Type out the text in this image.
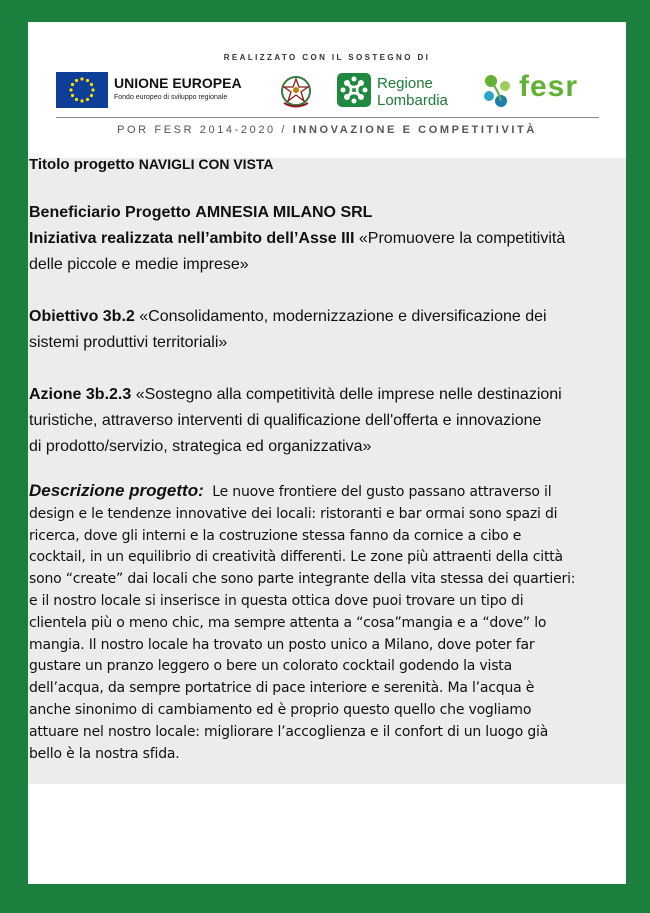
REALIZZATO CON IL SOSTEGNO DI
UNIONE EUROPEA
Fondo europeo di sviluppo regionale
Regione
Lombardia fesr
POR FESR 2014-2020 / INNOVAZIONE E COMPETITIVITÀ

Titolo progetto NAVIGLI CON VISTA

Beneficiario Progetto AMNESIA MILANO SRL

Iniziativa realizzata nell’ambito dell’Asse III «Promuovere la competitività delle piccole e medie imprese»

Obiettivo 3b.2 «Consolidamento, modernizzazione e diversificazione dei sistemi produttivi territoriali»

Azione 3b.2.3 «Sostegno alla competitività delle imprese nelle destinazioni turistiche, attraverso interventi di qualificazione dell'offerta e innovazione
di prodotto/servizio, strategica ed organizzativa»

Descrizione progetto: Le nuove frontiere del gusto passano attraverso il design e le tendenze innovative dei locali: ristoranti e bar ormai sono spazi di ricerca, dove gli interni e la costruzione stessa fanno da cornice a cibo e cocktail, in un equilibrio di creatività differenti. Le zone più attraenti della città sono “create” dai locali che sono parte integrante della vita stessa dei quartieri: e il nostro locale si inserisce in questa ottica dove puoi trovare un tipo di clientela più o meno chic, ma sempre attenta a “cosa”mangia e a “dove” lo mangia. Il nostro locale ha trovato un posto unico a Milano, dove poter far gustare un pranzo leggero o bere un colorato cocktail godendo la vista dell’acqua, da sempre portatrice di pace interiore e serenità. Ma l’acqua è anche sinonimo di cambiamento ed è proprio questo quello che vogliamo attuare nel nostro locale: migliorare l’accoglienza e il confort di un luogo già bello è la nostra sfida.
